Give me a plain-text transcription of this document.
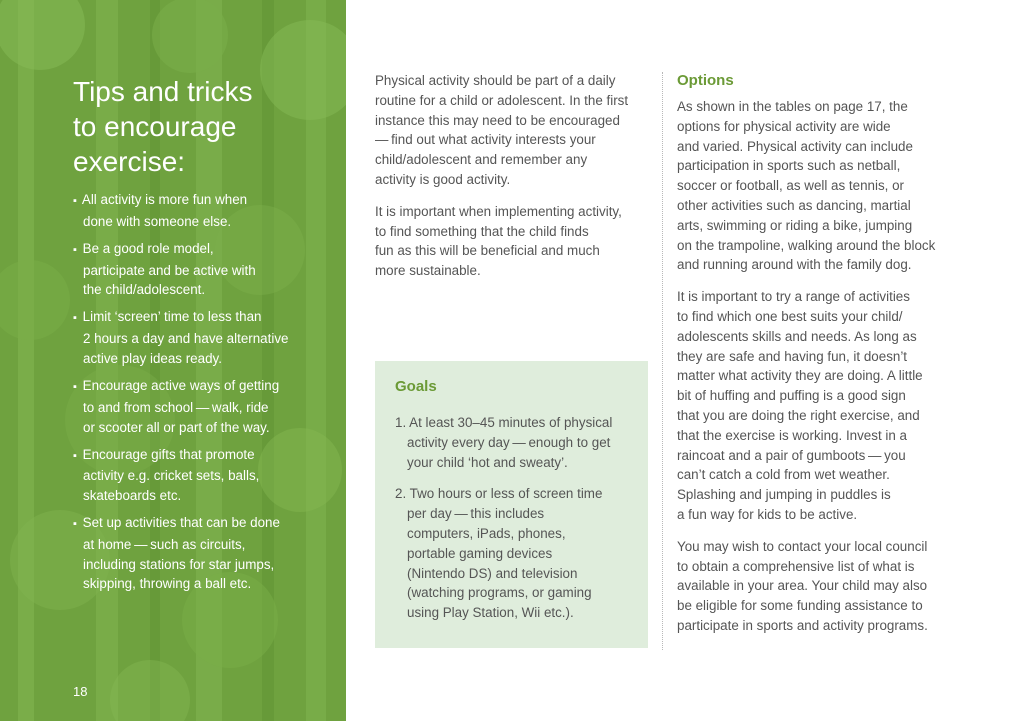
Tips and tricks
to encourage
exercise:
▪ All activity is more fun when
done with someone else.
▪ Be a good role model,
participate and be active with
the child/adolescent.
▪ Limit ‘screen’ time to less than
2 hours a day and have alternative
active play ideas ready.
▪ Encourage active ways of getting
to and from school — walk, ride
or scooter all or part of the way.
▪ Encourage gifts that promote
activity e.g. cricket sets, balls,
skateboards etc.
▪ Set up activities that can be done
at home — such as circuits,
including stations for star jumps,
skipping, throwing a ball etc.
18

Physical activity should be part of a daily
routine for a child or adolescent. In the first
instance this may need to be encouraged
— find out what activity interests your
child/adolescent and remember any
activity is good activity.

It is important when implementing activity,
to find something that the child finds
fun as this will be beneficial and much
more sustainable.

Goals
1. At least 30–45 minutes of physical
activity every day — enough to get
your child ‘hot and sweaty’.
2. Two hours or less of screen time
per day — this includes
computers, iPads, phones,
portable gaming devices
(Nintendo DS) and television
(watching programs, or gaming
using Play Station, Wii etc.).
Options

As shown in the tables on page 17, the
options for physical activity are wide
and varied. Physical activity can include
participation in sports such as netball,
soccer or football, as well as tennis, or
other activities such as dancing, martial
arts, swimming or riding a bike, jumping
on the trampoline, walking around the block
and running around with the family dog.

It is important to try a range of activities
to find which one best suits your child/
adolescents skills and needs. As long as
they are safe and having fun, it doesn’t
matter what activity they are doing. A little
bit of huffing and puffing is a good sign
that you are doing the right exercise, and
that the exercise is working. Invest in a
raincoat and a pair of gumboots — you
can’t catch a cold from wet weather.
Splashing and jumping in puddles is
a fun way for kids to be active.

You may wish to contact your local council
to obtain a comprehensive list of what is
available in your area. Your child may also
be eligible for some funding assistance to
participate in sports and activity programs.
